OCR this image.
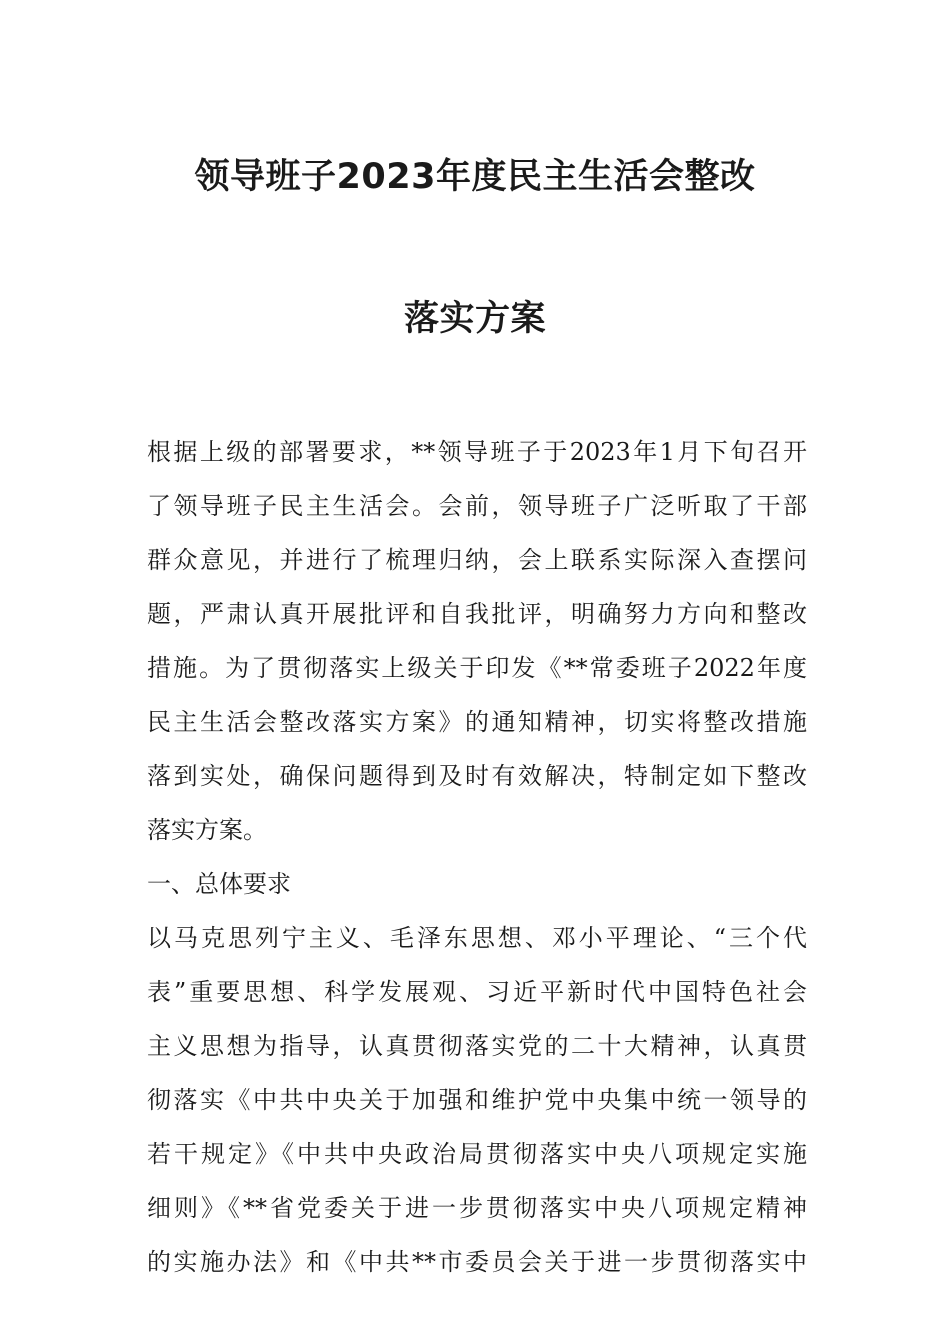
领导班子2023年度民主生活会整改
落实方案
根据上级的部署要求，**领导班子于2023年1月下旬召开
了领导班子民主生活会。会前，领导班子广泛听取了干部
群众意见，并进行了梳理归纳，会上联系实际深入查摆问
题，严肃认真开展批评和自我批评，明确努力方向和整改
措施。为了贯彻落实上级关于印发《**常委班子2022年度
民主生活会整改落实方案》的通知精神，切实将整改措施
落到实处，确保问题得到及时有效解决，特制定如下整改
落实方案。
一、总体要求
以马克思列宁主义、毛泽东思想、邓小平理论、“三个代
表”重要思想、科学发展观、习近平新时代中国特色社会
主义思想为指导，认真贯彻落实党的二十大精神，认真贯
彻落实《中共中央关于加强和维护党中央集中统一领导的
若干规定》《中共中央政治局贯彻落实中央八项规定实施
细则》《**省党委关于进一步贯彻落实中央八项规定精神
的实施办法》和《中共**市委员会关于进一步贯彻落实中
